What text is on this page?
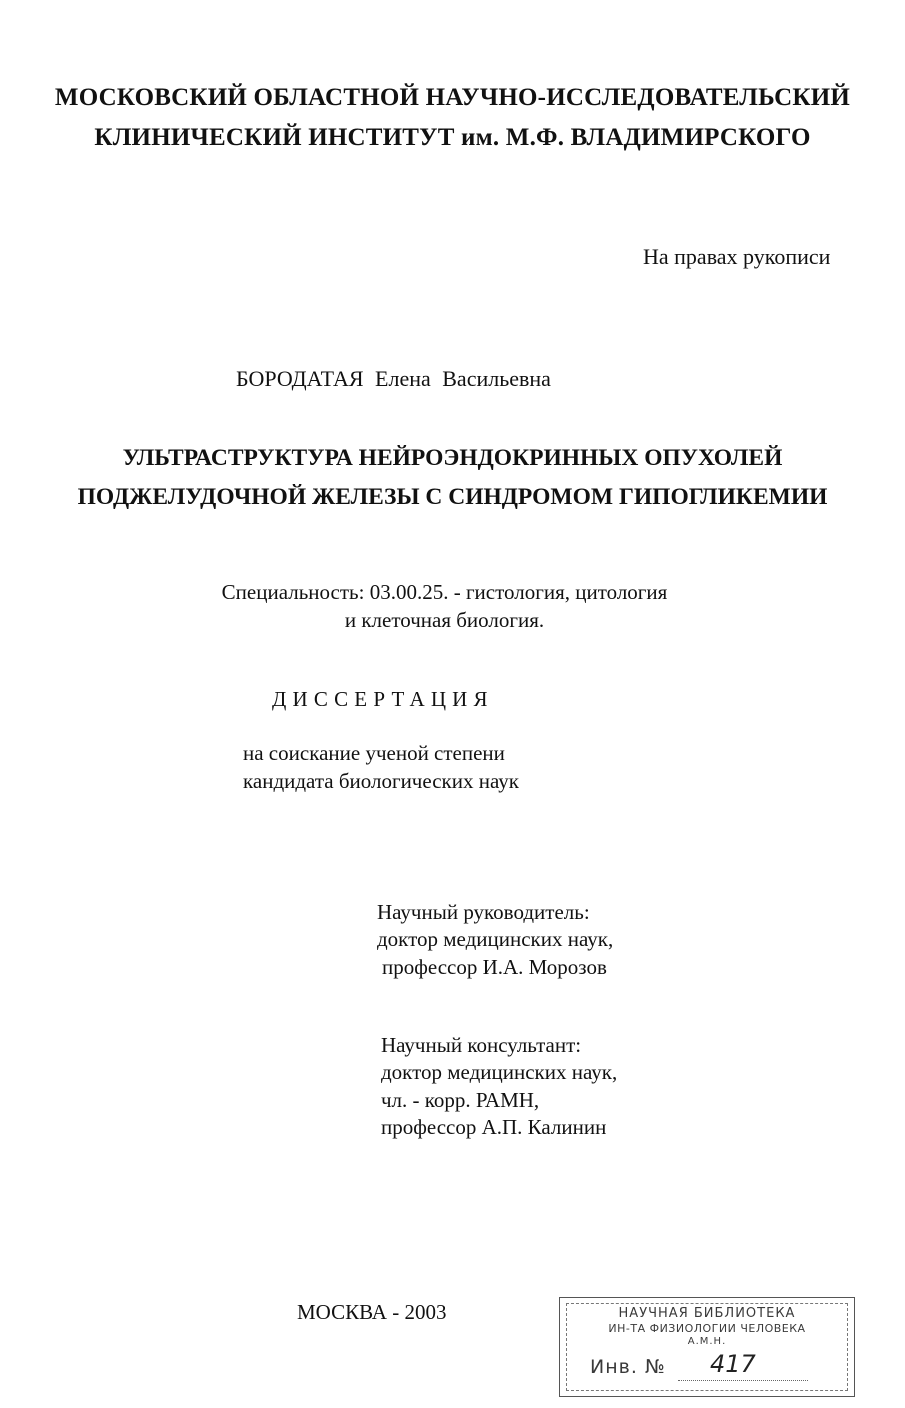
МОСКОВСКИЙ ОБЛАСТНОЙ НАУЧНО-ИССЛЕДОВАТЕЛЬСКИЙ
КЛИНИЧЕСКИЙ ИНСТИТУТ им. М.Ф. ВЛАДИМИРСКОГО
На правах рукописи
БОРОДАТАЯ Елена Васильевна
УЛЬТРАСТРУКТУРА НЕЙРОЭНДОКРИННЫХ ОПУХОЛЕЙ
ПОДЖЕЛУДОЧНОЙ ЖЕЛЕЗЫ С СИНДРОМОМ ГИПОГЛИКЕМИИ
Специальность: 03.00.25. - гистология, цитология
и клеточная биология.
ДИССЕРТАЦИЯ
на соискание ученой степени
кандидата биологических наук
Научный руководитель:
доктор медицинских наук,
профессор И.А. Морозов
Научный консультант:
доктор медицинских наук,
чл. - корр. РАМН,
профессор А.П. Калинин
МОСКВА - 2003	НАУЧНАЯ БИБЛИОТЕКА
ИН-ТА ФИЗИОЛОГИИ ЧЕЛОВЕКА
А.М.Н.
Инв. № 417
